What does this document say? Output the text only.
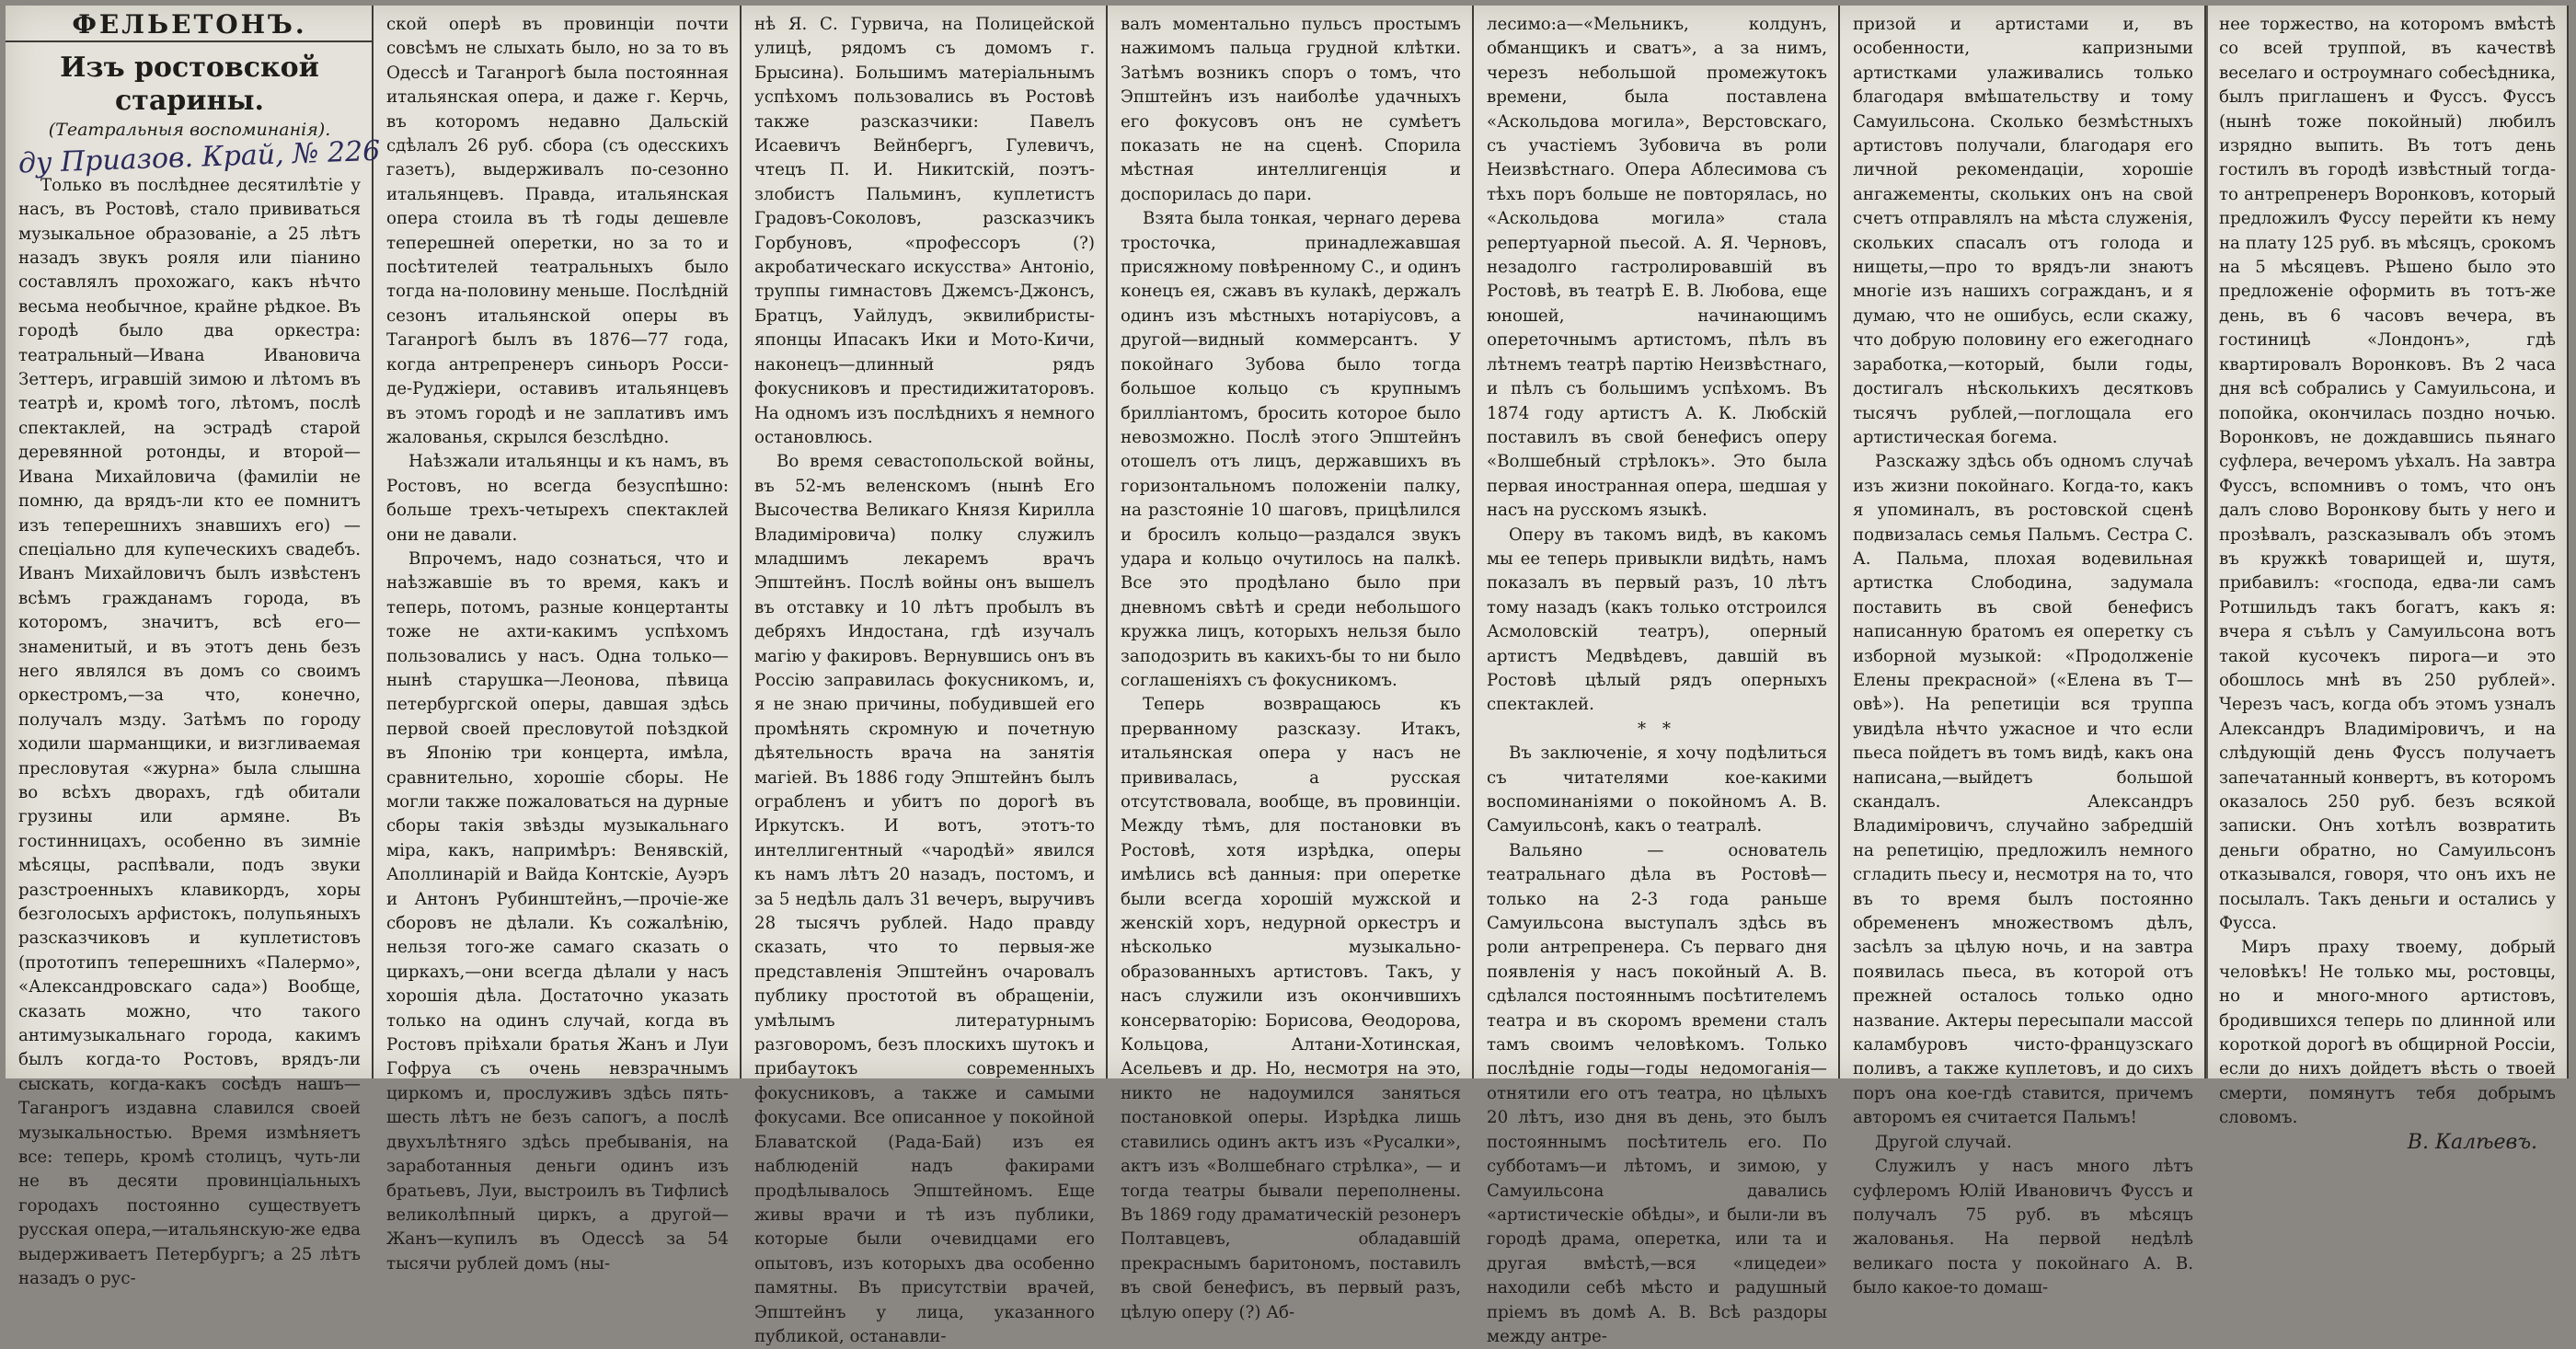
ФЕЛЬЕТОНЪ.

Изъ ростовской старины.

(Театральныя воспоминанія).

ду Приазов. Край, № 226

Только въ послѣднее десятилѣтіе у насъ, въ Ростовѣ, стало прививаться музыкальное образованіе, а 25 лѣтъ назадъ звукъ рояля или піанино составлялъ прохожаго, какъ нѣчто весьма необычное, крайне рѣдкое. Въ городѣ было два оркестра: театральный—Ивана Ивановича Зеттеръ, игравшій зимою и лѣтомъ въ театрѣ и, кромѣ того, лѣтомъ, послѣ спектаклей, на эстрадѣ старой деревянной ротонды, и второй—Ивана Михайловича (фамиліи не помню, да врядъ-ли кто ее помнитъ изъ теперешнихъ знавшихъ его) — спеціально для купеческихъ свадебъ. Иванъ Михайловичъ былъ извѣстенъ всѣмъ гражданамъ города, въ которомъ, значитъ, всѣ его—знаменитый, и въ этотъ день безъ него являлся въ домъ со своимъ оркестромъ,—за что, конечно, получалъ мзду. Затѣмъ по городу ходили шарманщики, и визгливаемая пресловутая «журна» была слышна во всѣхъ дворахъ, гдѣ обитали грузины или армяне. Въ гостинницахъ, особенно въ зимніе мѣсяцы, распѣвали, подъ звуки разстроенныхъ клавикордъ, хоры безголосыхъ арфистокъ, полупьяныхъ разсказчиковъ и куплетистовъ (прототипъ теперешнихъ «Палермо», «Александровскаго сада») Вообще, сказать можно, что такого антимузыкальнаго города, какимъ былъ когда-то Ростовъ, врядъ-ли сыскать, когда-какъ сосѣдъ нашъ—Таганрогъ издавна славился своей музыкальностью. Время измѣняетъ все: теперь, кромѣ столицъ, чуть-ли не въ десяти провинціальныхъ городахъ постоянно существуетъ русская опера,—итальянскую-же едва выдерживаетъ Петербургъ; а 25 лѣтъ назадъ о рус-

ской оперѣ въ провинціи почти совсѣмъ не слыхать было, но за то въ Одессѣ и Таганрогѣ была постоянная итальянская опера, и даже г. Керчь, въ которомъ недавно Дальскій сдѣлалъ 26 руб. сбора (съ одесскихъ газетъ), выдерживалъ по-сезонно итальянцевъ. Правда, итальянская опера стоила въ тѣ годы дешевле теперешней оперетки, но за то и посѣтителей театральныхъ было тогда на-половину меньше. Послѣдній сезонъ итальянской оперы въ Таганрогѣ былъ въ 1876—77 года, когда антрепренеръ синьоръ Росси-де-Руджіери, оставивъ итальянцевъ въ этомъ городѣ и не заплативъ имъ жалованья, скрылся безслѣдно.

Наѣзжали итальянцы и къ намъ, въ Ростовъ, но всегда безуспѣшно: больше трехъ-четырехъ спектаклей они не давали.

Впрочемъ, надо сознаться, что и наѣзжавшіе въ то время, какъ и теперь, потомъ, разные концертанты тоже не ахти-какимъ успѣхомъ пользовались у насъ. Одна только—нынѣ старушка—Леонова, пѣвица петербургской оперы, давшая здѣсь первой своей пресловутой поѣздкой въ Японію три концерта, имѣла, сравнительно, хорошіе сборы. Не могли также пожаловаться на дурные сборы такія звѣзды музыкальнаго міра, какъ, напримѣръ: Венявскій, Аполлинарій и Вайда Контскіе, Ауэръ и Антонъ Рубинштейнъ,—прочіе-же сборовъ не дѣлали. Къ сожалѣнію, нельзя того-же самаго сказать о циркахъ,—они всегда дѣлали у насъ хорошія дѣла. Достаточно указать только на одинъ случай, когда въ Ростовъ пріѣхали братья Жанъ и Луи Гофруа съ очень невзрачнымъ циркомъ и, прослуживъ здѣсь пять-шесть лѣтъ не безъ сапогъ, а послѣ двухълѣтняго здѣсь пребыванія, на заработанныя деньги одинъ изъ братьевъ, Луи, выстроилъ въ Тифлисѣ великолѣпный циркъ, а другой—Жанъ—купилъ въ Одессѣ за 54 тысячи рублей домъ (ны-

нѣ Я. С. Гурвича, на Полицейской улицѣ, рядомъ съ домомъ г. Брысина). Большимъ матеріальнымъ успѣхомъ пользовались въ Ростовѣ также разсказчики: Павелъ Исаевичъ Вейнбергъ, Гулевичъ, чтецъ П. И. Никитскій, поэтъ-злобистъ Пальминъ, куплетистъ Градовъ-Соколовъ, разсказчикъ Горбуновъ, «профессоръ (?) акробатическаго искусства» Антоніо, труппы гимнастовъ Джемсъ-Джонсъ, Братцъ, Уайлудъ, эквилибристы-японцы Ипасакъ Ики и Мото-Кичи, наконецъ—длинный рядъ фокусниковъ и престидижитаторовъ. На одномъ изъ послѣднихъ я немного остановлюсь.

Во время севастопольской войны, въ 52-мъ веленскомъ (нынѣ Его Высочества Великаго Князя Кирилла Владиміровича) полку служилъ младшимъ лекаремъ врачъ Эпштейнъ. Послѣ войны онъ вышелъ въ отставку и 10 лѣтъ пробылъ въ дебряхъ Индостана, гдѣ изучалъ магію у факировъ. Вернувшись онъ въ Россію заправилась фокусникомъ, и, я не знаю причины, побудившей его промѣнять скромную и почетную дѣятельность врача на занятія магіей. Въ 1886 году Эпштейнъ былъ ограбленъ и убитъ по дорогѣ въ Иркутскъ. И вотъ, этотъ-то интеллигентный «чародѣй» явился къ намъ лѣтъ 20 назадъ, постомъ, и за 5 недѣль далъ 31 вечеръ, выручивъ 28 тысячъ рублей. Надо правду сказать, что то первыя-же представленія Эпштейнъ очаровалъ публику простотой въ обращеніи, умѣлымъ литературнымъ разговоромъ, безъ плоскихъ шутокъ и прибаутокъ современныхъ фокусниковъ, а также и самыми фокусами. Все описанное у покойной Блаватской (Рада-Бай) изъ ея наблюденій надъ факирами продѣлывалось Эпштейномъ. Еще живы врачи и тѣ изъ публики, которые были очевидцами его опытовъ, изъ которыхъ два особенно памятны. Въ присутствіи врачей, Эпштейнъ у лица, указанного публикой, останавли-

валъ моментально пульсъ простымъ нажимомъ пальца грудной клѣтки. Затѣмъ возникъ споръ о томъ, что Эпштейнъ изъ наиболѣе удачныхъ его фокусовъ онъ не сумѣетъ показать не на сценѣ. Спорила мѣстная интеллигенція и доспорилась до пари.

Взята была тонкая, чернаго дерева тросточка, принадлежавшая присяжному повѣренному С., и одинъ конецъ ея, сжавъ въ кулакѣ, держалъ одинъ изъ мѣстныхъ нотаріусовъ, а другой—видный коммерсантъ. У покойнаго Зубова было тогда большое кольцо съ крупнымъ брилліантомъ, бросить которое было невозможно. Послѣ этого Эпштейнъ отошелъ отъ лицъ, державшихъ въ горизонтальномъ положеніи палку, на разстояніе 10 шаговъ, прицѣлился и бросилъ кольцо—раздался звукъ удара и кольцо очутилось на палкѣ. Все это продѣлано было при дневномъ свѣтѣ и среди небольшого кружка лицъ, которыхъ нельзя было заподозрить въ какихъ-бы то ни было соглашеніяхъ съ фокусникомъ.

Теперь возвращаюсь къ прерванному разсказу. Итакъ, итальянская опера у насъ не прививалась, а русская отсутствовала, вообще, въ провинціи. Между тѣмъ, для постановки въ Ростовѣ, хотя изрѣдка, оперы имѣлись всѣ данныя: при оперетке были всегда хорошій мужской и женскій хоръ, недурной оркестръ и нѣсколько музыкально-образованныхъ артистовъ. Такъ, у насъ служили изъ окончившихъ консерваторію: Борисова, Өеодорова, Кольцова, Алтани-Хотинская, Асельевъ и др. Но, несмотря на это, никто не надоумился заняться постановкой оперы. Изрѣдка лишь ставились одинъ актъ изъ «Русалки», актъ изъ «Волшебнаго стрѣлка», — и тогда театры бывали переполнены. Въ 1869 году драматическій резонеръ Полтавцевъ, обладавшій прекраснымъ баритономъ, поставилъ въ свой бенефисъ, въ первый разъ, цѣлую оперу (?) Аб-

лесимо:а—«Мельникъ, колдунъ, обманщикъ и сватъ», а за нимъ, черезъ небольшой промежутокъ времени, была поставлена «Аскольдова могила», Верстовскаго, съ участіемъ Зубовича въ роли Неизвѣстнаго. Опера Аблесимова съ тѣхъ поръ больше не повторялась, но «Аскольдова могила» стала репертуарной пьесой. А. Я. Черновъ, незадолго гастролировавшій въ Ростовѣ, въ театрѣ Е. В. Любова, еще юношей, начинающимъ опереточнымъ артистомъ, пѣлъ въ лѣтнемъ театрѣ партію Неизвѣстнаго, и пѣлъ съ большимъ успѣхомъ. Въ 1874 году артистъ А. К. Любскій поставилъ въ свой бенефисъ оперу «Волшебный стрѣлокъ». Это была первая иностранная опера, шедшая у насъ на русскомъ языкѣ.

Оперу въ такомъ видѣ, въ какомъ мы ее теперь привыкли видѣть, намъ показалъ въ первый разъ, 10 лѣтъ тому назадъ (какъ только отстроился Асмоловскій театръ), оперный артистъ Медвѣдевъ, давшій въ Ростовѣ цѣлый рядъ оперныхъ спектаклей.

* *

Въ заключеніе, я хочу подѣлиться съ читателями кое-какими воспоминаніями о покойномъ А. В. Самуильсонѣ, какъ о театралѣ.

Вальяно — основатель театральнаго дѣла въ Ростовѣ—только на 2-3 года раньше Самуильсона выступалъ здѣсь въ роли антрепренера. Съ перваго дня появленія у насъ покойный А. В. сдѣлался постояннымъ посѣтителемъ театра и въ скоромъ времени сталъ тамъ своимъ человѣкомъ. Только послѣдніе годы—годы недомоганія—отнятили его отъ театра, но цѣлыхъ 20 лѣтъ, изо дня въ день, это былъ постояннымъ посѣтитель его. По субботамъ—и лѣтомъ, и зимою, у Самуильсона давались «артистическіе обѣды», и были-ли въ городѣ драма, оперетка, или та и другая вмѣстѣ,—вся «лицедеи» находили себѣ мѣсто и радушный пріемъ въ домѣ А. В. Всѣ раздоры между антре-

призой и артистами и, въ особенности, капризными артистками улаживались только благодаря вмѣшательству и тому Самуильсона. Сколько безмѣстныхъ артистовъ получали, благодаря его личной рекомендаціи, хорошіе ангажементы, скольких онъ на свой счетъ отправлялъ на мѣста служенія, скольких спасалъ отъ голода и нищеты,—про то врядъ-ли знаютъ многіе изъ нашихъ согражданъ, и я думаю, что не ошибусь, если скажу, что добрую половину его ежегоднаго заработка,—который, были годы, достигалъ нѣсколькихъ десятковъ тысячъ рублей,—поглощала его артистическая богема.

Разскажу здѣсь объ одномъ случаѣ изъ жизни покойнаго. Когда-то, какъ я упоминалъ, въ ростовской сценѣ подвизалась семья Пальмъ. Сестра С. А. Пальма, плохая водевильная артистка Слободина, задумала поставить въ свой бенефисъ написанную братомъ ея оперетку съ изборной музыкой: «Продолженіе Елены прекрасной» («Елена въ Т—овѣ»). На репетиціи вся труппа увидѣла нѣчто ужасное и что если пьеса пойдетъ въ томъ видѣ, какъ она написана,—выйдетъ большой скандалъ. Александръ Владиміровичъ, случайно забредшій на репетицію, предложилъ немного сгладить пьесу и, несмотря на то, что въ то время былъ постоянно обремененъ множествомъ дѣлъ, засѣлъ за цѣлую ночь, и на завтра появилась пьеса, въ которой отъ прежней осталось только одно название. Актеры пересыпали массой каламбуровъ чисто-французскаго поливъ, а также куплетовъ, и до сихъ поръ она кое-гдѣ ставится, причемъ авторомъ ея считается Пальмъ!

Другой случай.

Служилъ у насъ много лѣтъ суфлеромъ Юлій Ивановичъ Фуссъ и получалъ 75 руб. въ мѣсяцъ жалованья. На первой недѣлѣ великаго поста у покойнаго А. В. было какое-то домаш-

нее торжество, на которомъ вмѣстѣ со всей труппой, въ качествѣ веселаго и остроумнаго собесѣдника, былъ приглашенъ и Фуссъ. Фуссъ (нынѣ тоже покойный) любилъ изрядно выпить. Въ тотъ день гостилъ въ городѣ извѣстный тогда-то антрепренеръ Воронковъ, который предложилъ Фуссу перейти къ нему на плату 125 руб. въ мѣсяцъ, срокомъ на 5 мѣсяцевъ. Рѣшено было это предложеніе оформить въ тотъ-же день, въ 6 часовъ вечера, въ гостиницѣ «Лондонъ», гдѣ квартировалъ Воронковъ. Въ 2 часа дня всѣ собрались у Самуильсона, и попойка, окончилась поздно ночью. Воронковъ, не дождавшись пьянаго суфлера, вечеромъ уѣхалъ. На завтра Фуссъ, вспомнивъ о томъ, что онъ далъ слово Воронкову быть у него и прозѣвалъ, разсказывалъ объ этомъ въ кружкѣ товарищей и, шутя, прибавилъ: «господа, едва-ли самъ Ротшильдъ такъ богатъ, какъ я: вчера я съѣлъ у Самуильсона вотъ такой кусочекъ пирога—и это обошлось мнѣ въ 250 рублей». Черезъ часъ, когда объ этомъ узналъ Александръ Владиміровичъ, и на слѣдующій день Фуссъ получаетъ запечатанный конвертъ, въ которомъ оказалось 250 руб. безъ всякой записки. Онъ хотѣлъ возвратить деньги обратно, но Самуильсонъ отказывался, говоря, что онъ ихъ не посылалъ. Такъ деньги и остались у Фусса.

Миръ праху твоему, добрый человѣкъ! Не только мы, ростовцы, но и много-много артистовъ, бродившихся теперь по длинной или короткой дорогѣ въ общирной Россіи, если до нихъ дойдетъ вѣсть о твоей смерти, помянутъ тебя добрымъ словомъ.

В. Калѣевъ.
